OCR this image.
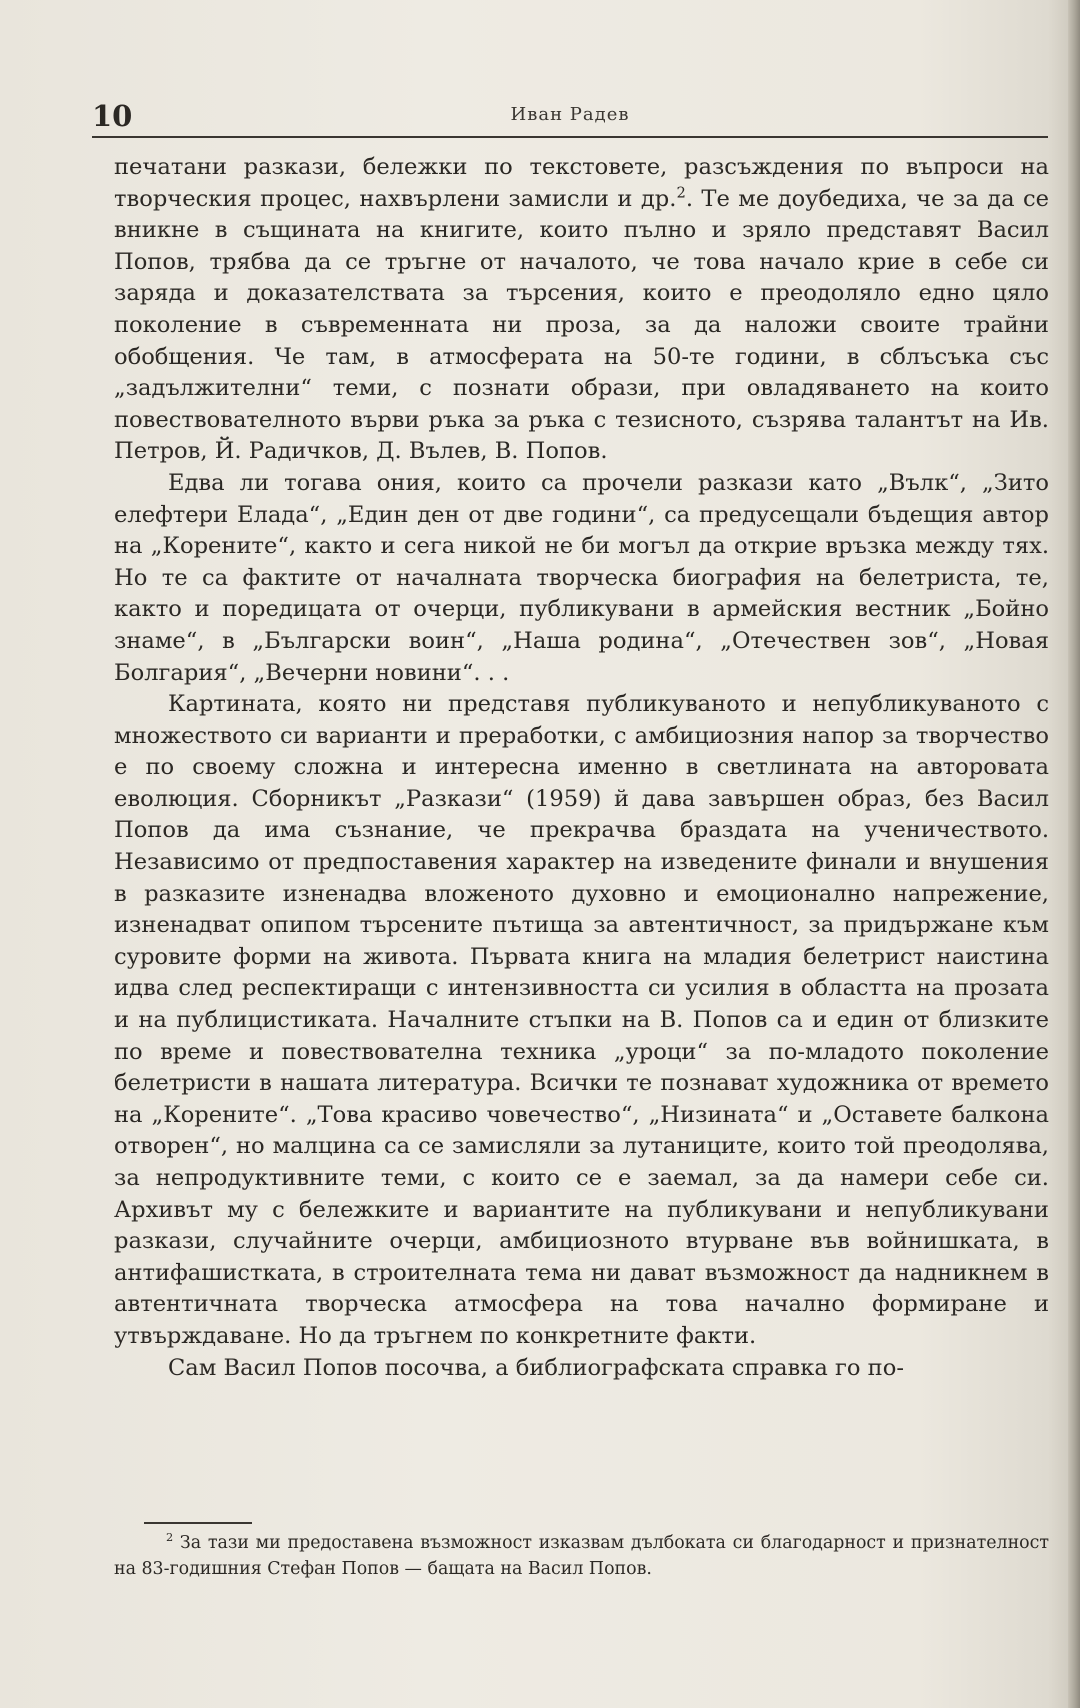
10	Иван Радев

печатани разкази, бележки по текстовете, разсъждения по въпроси на творческия процес, нахвърлени замисли и др.$^2$. Те ме доубедиха, че за да се вникне в същината на книгите, които пълно и зряло представят Васил Попов, трябва да се тръгне от началото, че това начало крие в себе си заряда и доказателствата за търсения, които е преодоляло едно цяло поколение в съвременната ни проза, за да наложи своите трайни обобщения. Че там, в атмосферата на 50-те години, в сблъсъка със „задължителни“ теми, с познати образи, при овладяването на които повествователното върви ръка за ръка с тезисното, съзрява талантът на Ив. Петров, Й. Радичков, Д. Вълев, В. Попов.

Едва ли тогава ония, които са прочели разкази като „Вълк“, „Зито елефтери Елада“, „Един ден от две години“, са предусещали бъдещия автор на „Корените“, както и сега никой не би могъл да открие връзка между тях. Но те са фактите от началната творческа биография на белетриста, те, както и поредицата от очерци, публикувани в армейския вестник „Бойно знаме“, в „Български воин“, „Наша родина“, „Отечествен зов“, „Новая Болгария“, „Вечерни новини“. . .

Картината, която ни представя публикуваното и непубликуваното с множеството си варианти и преработки, с амбициозния напор за творчество е по своему сложна и интересна именно в светлината на авторовата еволюция. Сборникът „Разкази“ (1959) й дава завършен образ, без Васил Попов да има съзнание, че прекрачва браздата на ученичеството. Независимо от предпоставения характер на изведените финали и внушения в разказите изненадва вложеното духовно и емоционално напрежение, изненадват опипом търсените пътища за автентичност, за придържане към суровите форми на живота. Първата книга на младия белетрист наистина идва след респектиращи с интензивността си усилия в областта на прозата и на публицистиката. Началните стъпки на В. Попов са и един от близките по време и повествователна техника „уроци“ за по-младото поколение белетристи в нашата литература. Всички те познават художника от времето на „Корените“. „Това красиво човечество“, „Низината“ и „Оставете балкона отворен“, но малцина са се замисляли за лутаниците, които той преодолява, за непродуктивните теми, с които се е заемал, за да намери себе си. Архивът му с бележките и вариантите на публикувани и непубликувани разкази, случайните очерци, амбициозното втурване във войнишката, в антифашистката, в строителната тема ни дават възможност да надникнем в автентичната творческа атмосфера на това начално формиране и утвърждаване. Но да тръгнем по конкретните факти.

Сам Васил Попов посочва, а библиографската справка го по-

$^2$ За тази ми предоставена възможност изказвам дълбоката си благодарност и признателност на 83-годишния Стефан Попов — бащата на Васил Попов.
